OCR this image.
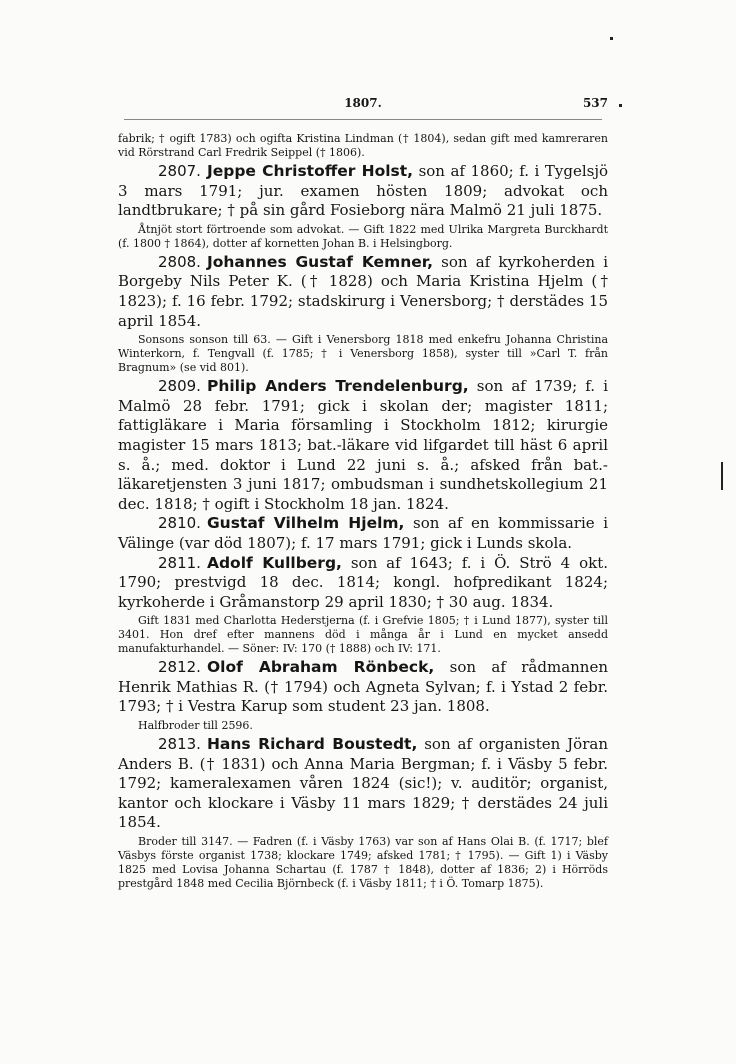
1807.	537

fabrik; † ogift 1783) och ogifta Kristina Lindman († 1804), sedan gift med kamreraren vid Rörstrand Carl Fredrik Seippel († 1806).

2807. Jeppe Christoffer Holst, son af 1860; f. i Tygelsjö 3 mars 1791; jur. examen hösten 1809; advokat och landtbrukare; † på sin gård Fosieborg nära Malmö 21 juli 1875.

Åtnjöt stort förtroende som advokat. — Gift 1822 med Ulrika Margreta Burckhardt (f. 1800 † 1864), dotter af kornetten Johan B. i Helsingborg.

2808. Johannes Gustaf Kemner, son af kyrkoherden i Borgeby Nils Peter K. († 1828) och Maria Kristina Hjelm († 1823); f. 16 febr. 1792; stadskirurg i Venersborg; † derstädes 15 april 1854.

Sonsons sonson till 63. — Gift i Venersborg 1818 med enkefru Johanna Christina Winterkorn, f. Tengvall (f. 1785; † i Venersborg 1858), syster till »Carl T. från Bragnum» (se vid 801).

2809. Philip Anders Trendelenburg, son af 1739; f. i Malmö 28 febr. 1791; gick i skolan der; magister 1811; fattigläkare i Maria församling i Stockholm 1812; kirurgie magister 15 mars 1813; bat.-läkare vid lifgardet till häst 6 april s. å.; med. doktor i Lund 22 juni s. å.; afsked från bat.-läkaretjensten 3 juni 1817; ombudsman i sundhetskollegium 21 dec. 1818; † ogift i Stockholm 18 jan. 1824.

2810. Gustaf Vilhelm Hjelm, son af en kommissarie i Välinge (var död 1807); f. 17 mars 1791; gick i Lunds skola.

2811. Adolf Kullberg, son af 1643; f. i Ö. Strö 4 okt. 1790; prestvigd 18 dec. 1814; kongl. hofpredikant 1824; kyrkoherde i Gråmanstorp 29 april 1830; † 30 aug. 1834.

Gift 1831 med Charlotta Hederstjerna (f. i Grefvie 1805; † i Lund 1877), syster till 3401. Hon dref efter mannens död i många år i Lund en mycket ansedd manufakturhandel. — Söner: IV: 170 († 1888) och IV: 171.

2812. Olof Abraham Rönbeck, son af rådmannen Henrik Mathias R. († 1794) och Agneta Sylvan; f. i Ystad 2 febr. 1793; † i Vestra Karup som student 23 jan. 1808.

Halfbroder till 2596.

2813. Hans Richard Boustedt, son af organisten Jöran Anders B. († 1831) och Anna Maria Bergman; f. i Väsby 5 febr. 1792; kameralexamen våren 1824 (sic!); v. auditör; organist, kantor och klockare i Väsby 11 mars 1829; † derstädes 24 juli 1854.

Broder till 3147. — Fadren (f. i Väsby 1763) var son af Hans Olai B. (f. 1717; blef Väsbys förste organist 1738; klockare 1749; afsked 1781; † 1795). — Gift 1) i Väsby 1825 med Lovisa Johanna Schartau (f. 1787 † 1848), dotter af 1836; 2) i Hörröds prestgård 1848 med Cecilia Björnbeck (f. i Väsby 1811; † i Ö. Tomarp 1875).
